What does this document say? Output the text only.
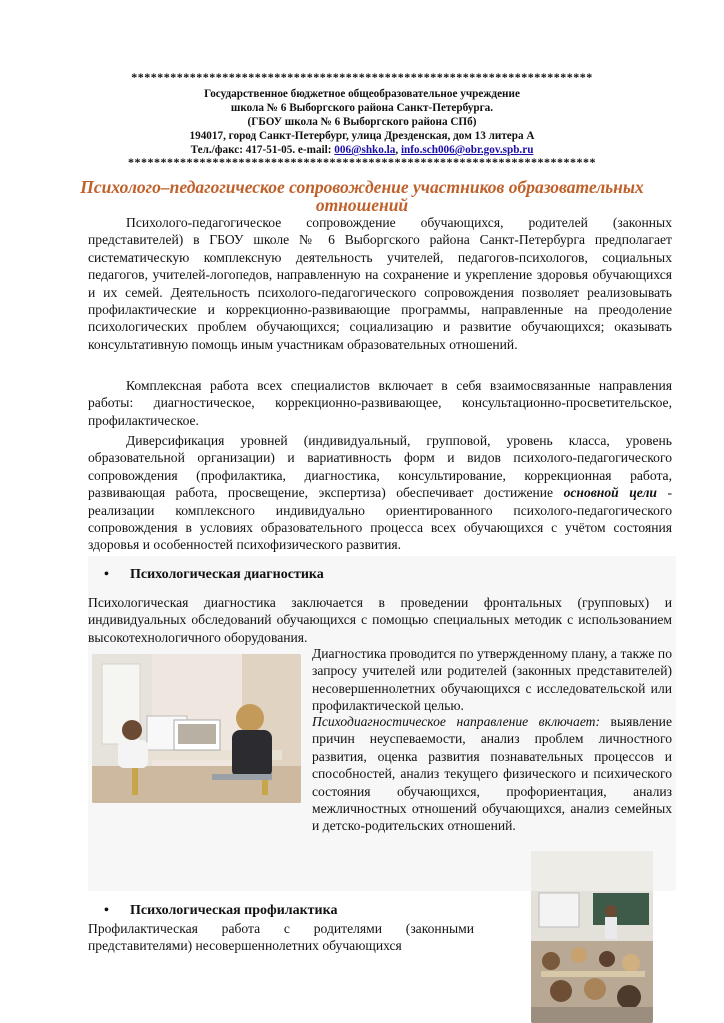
***********************************************************************
Государственное бюджетное общеобразовательное учреждение
школа № 6 Выборгского района Санкт-Петербурга.
(ГБОУ школа № 6 Выборгского района СПб)
194017, город Санкт-Петербург, улица Дрезденская, дом 13 литера А
Тел./факс: 417-51-05. e-mail: 006@shko.la, info.sch006@obr.gov.spb.ru
************************************************************************
Психолого–педагогическое сопровождение участников образовательных отношений
Психолого-педагогическое сопровождение обучающихся, родителей (законных представителей) в ГБОУ школе № 6 Выборгского района Санкт-Петербурга предполагает систематическую комплексную деятельность учителей, педагогов-психологов, социальных педагогов, учителей-логопедов, направленную на сохранение и укрепление здоровья обучающихся и их семей. Деятельность психолого-педагогического сопровождения позволяет реализовывать профилактические и коррекционно-развивающие программы, направленные на преодоление психологических проблем обучающихся; социализацию и развитие обучающихся; оказывать консультативную помощь иным участникам образовательных отношений.
Комплексная работа всех специалистов включает в себя взаимосвязанные направления работы: диагностическое, коррекционно-развивающее, консультационно-просветительское, профилактическое.
Диверсификация уровней (индивидуальный, групповой, уровень класса, уровень образовательной организации) и вариативность форм и видов психолого-педагогического сопровождения (профилактика, диагностика, консультирование, коррекционная работа, развивающая работа, просвещение, экспертиза) обеспечивает достижение основной цели - реализации комплексного индивидуально ориентированного психолого-педагогического сопровождения в условиях образовательного процесса всех обучающихся с учётом состояния здоровья и особенностей психофизического развития.
• Психологическая диагностика
Психологическая диагностика заключается в проведении фронтальных (групповых) и индивидуальных обследований обучающихся с помощью специальных методик с использованием высокотехнологичного оборудования.
Диагностика проводится по утвержденному плану, а также по запросу учителей или родителей (законных представителей) несовершеннолетних обучающихся с исследовательской или профилактической целью.
Психодиагностическое направление включает: выявление причин неуспеваемости, анализ проблем личностного развития, оценка развития познавательных процессов и способностей, анализ текущего физического и психического состояния обучающихся, профориентация, анализ межличностных отношений обучающихся, анализ семейных и детско-родительских отношений.
• Психологическая профилактика
Профилактическая работа с родителями (законными представителями) несовершеннолетних обучающихся
